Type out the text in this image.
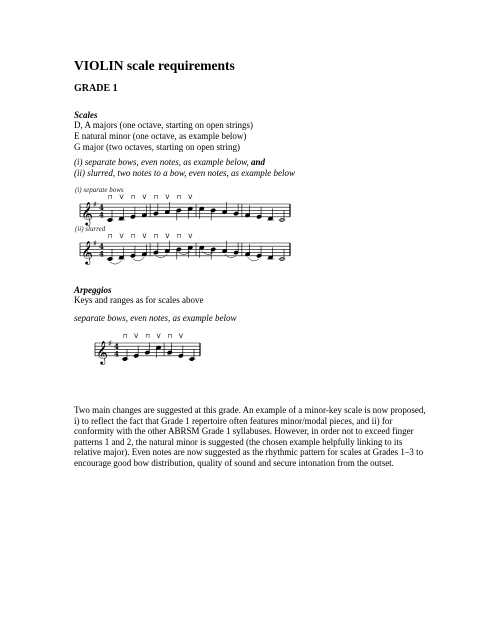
VIOLIN scale requirements
GRADE 1
Scales
D, A majors (one octave, starting on open strings)
E natural minor (one octave, as example below)
G major (two octaves, starting on open string)
(i) separate bows, even notes, as example below, and
(ii) slurred, two notes to a bow, even notes, as example below
(i) separate bows
𝄞 ♯ 4
4
⊓ V ⊓ V ⊓ V ⊓ V
(ii) slurred
𝄞 ♯ 4
4
⊓ V ⊓ V ⊓ V ⊓ V
Arpeggios
Keys and ranges as for scales above
separate bows, even notes, as example below
𝄞 ♯ 4
4
⊓ V ⊓ V ⊓ V
Two main changes are suggested at this grade. An example of a minor-key scale is now proposed,
i) to reflect the fact that Grade 1 repertoire often features minor/modal pieces, and ii) for
conformity with the other ABRSM Grade 1 syllabuses. However, in order not to exceed finger
patterns 1 and 2, the natural minor is suggested (the chosen example helpfully linking to its
relative major). Even notes are now suggested as the rhythmic pattern for scales at Grades 1–3 to
encourage good bow distribution, quality of sound and secure intonation from the outset.
